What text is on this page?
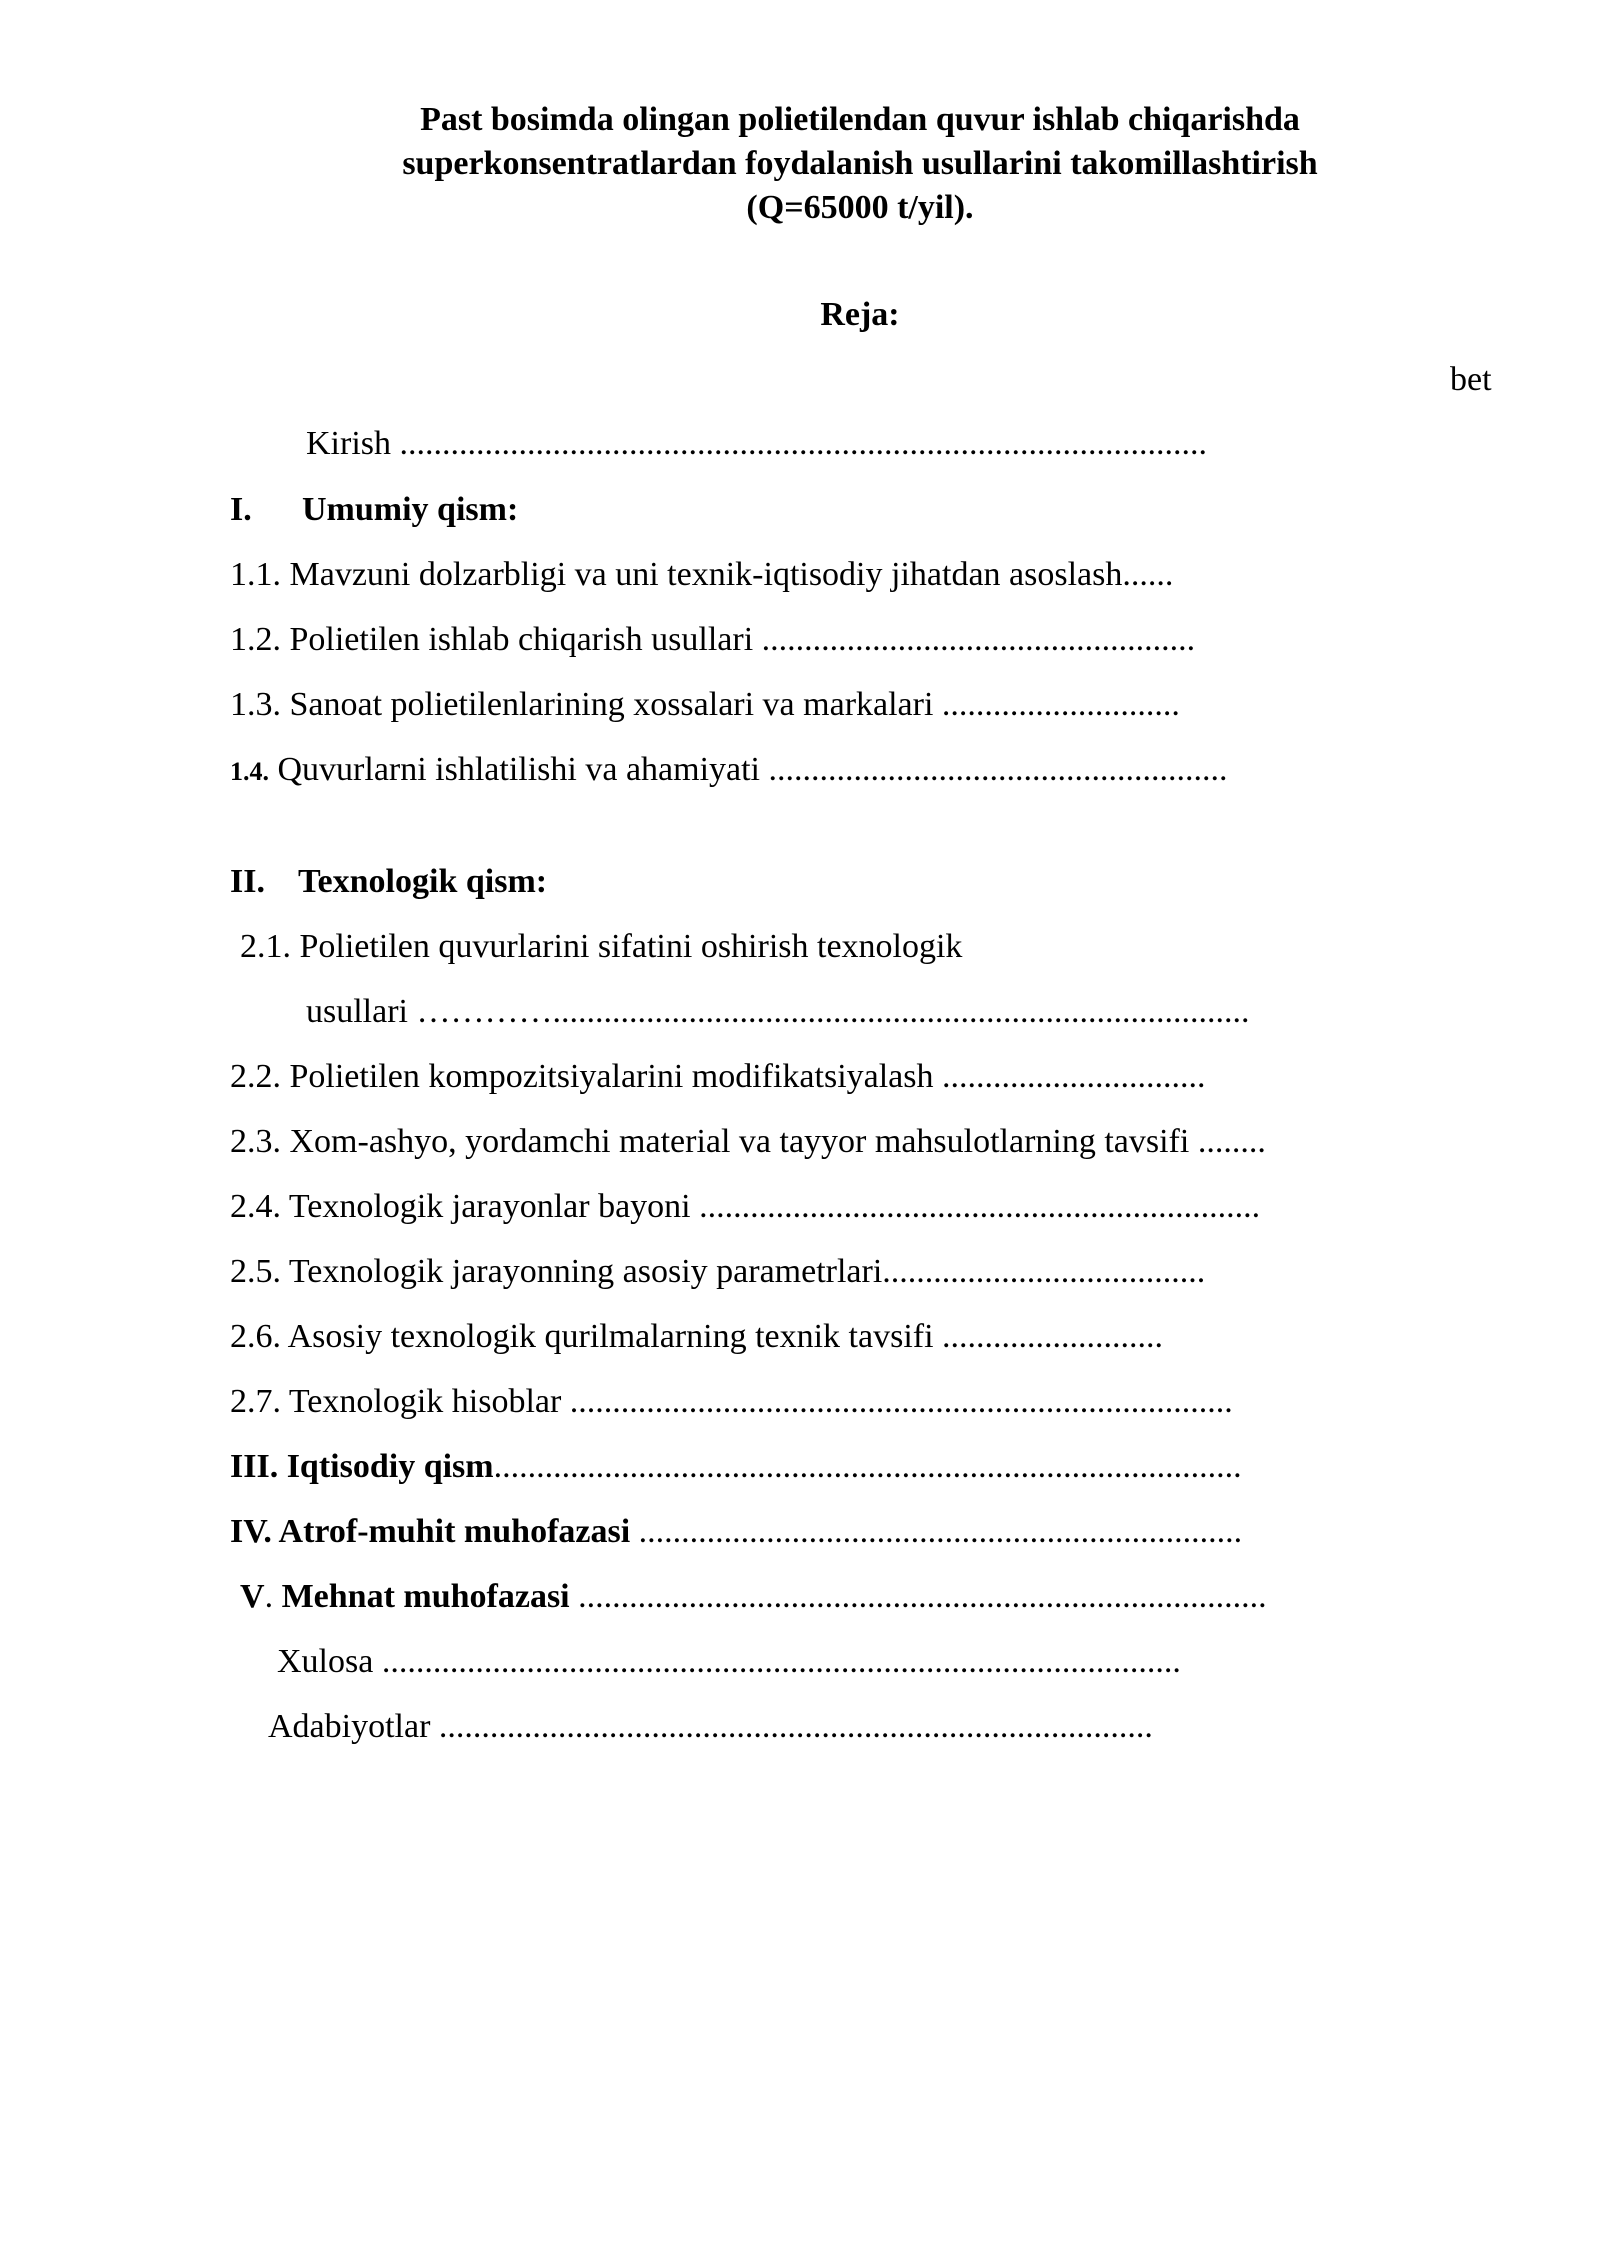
Past bosimda olingan polietilendan quvur ishlab chiqarishda
superkonsentratlardan foydalanish usullarini takomillashtirish
(Q=65000 t/yil).
Reja:
bet
Kirish ...............................................................................................
I. Umumiy qism:
1.1. Mavzuni dolzarbligi va uni texnik-iqtisodiy jihatdan asoslash......
1.2. Polietilen ishlab chiqarish usullari ...................................................
1.3. Sanoat polietilenlarining xossalari va markalari ............................
1.4. Quvurlarni ishlatilishi va ahamiyati ......................................................
II. Texnologik qism:
2.1. Polietilen quvurlarini sifatini oshirish texnologik
usullari …………..................................................................................
2.2. Polietilen kompozitsiyalarini modifikatsiyalash ...............................
2.3. Xom-ashyo, yordamchi material va tayyor mahsulotlarning tavsifi ........
2.4. Texnologik jarayonlar bayoni ..................................................................
2.5. Texnologik jarayonning asosiy parametrlari......................................
2.6. Asosiy texnologik qurilmalarning texnik tavsifi ..........................
2.7. Texnologik hisoblar ..............................................................................
III. Iqtisodiy qism........................................................................................
IV. Atrof-muhit muhofazasi .......................................................................
V. Mehnat muhofazasi .................................................................................
Xulosa ..............................................................................................
Adabiyotlar ....................................................................................
